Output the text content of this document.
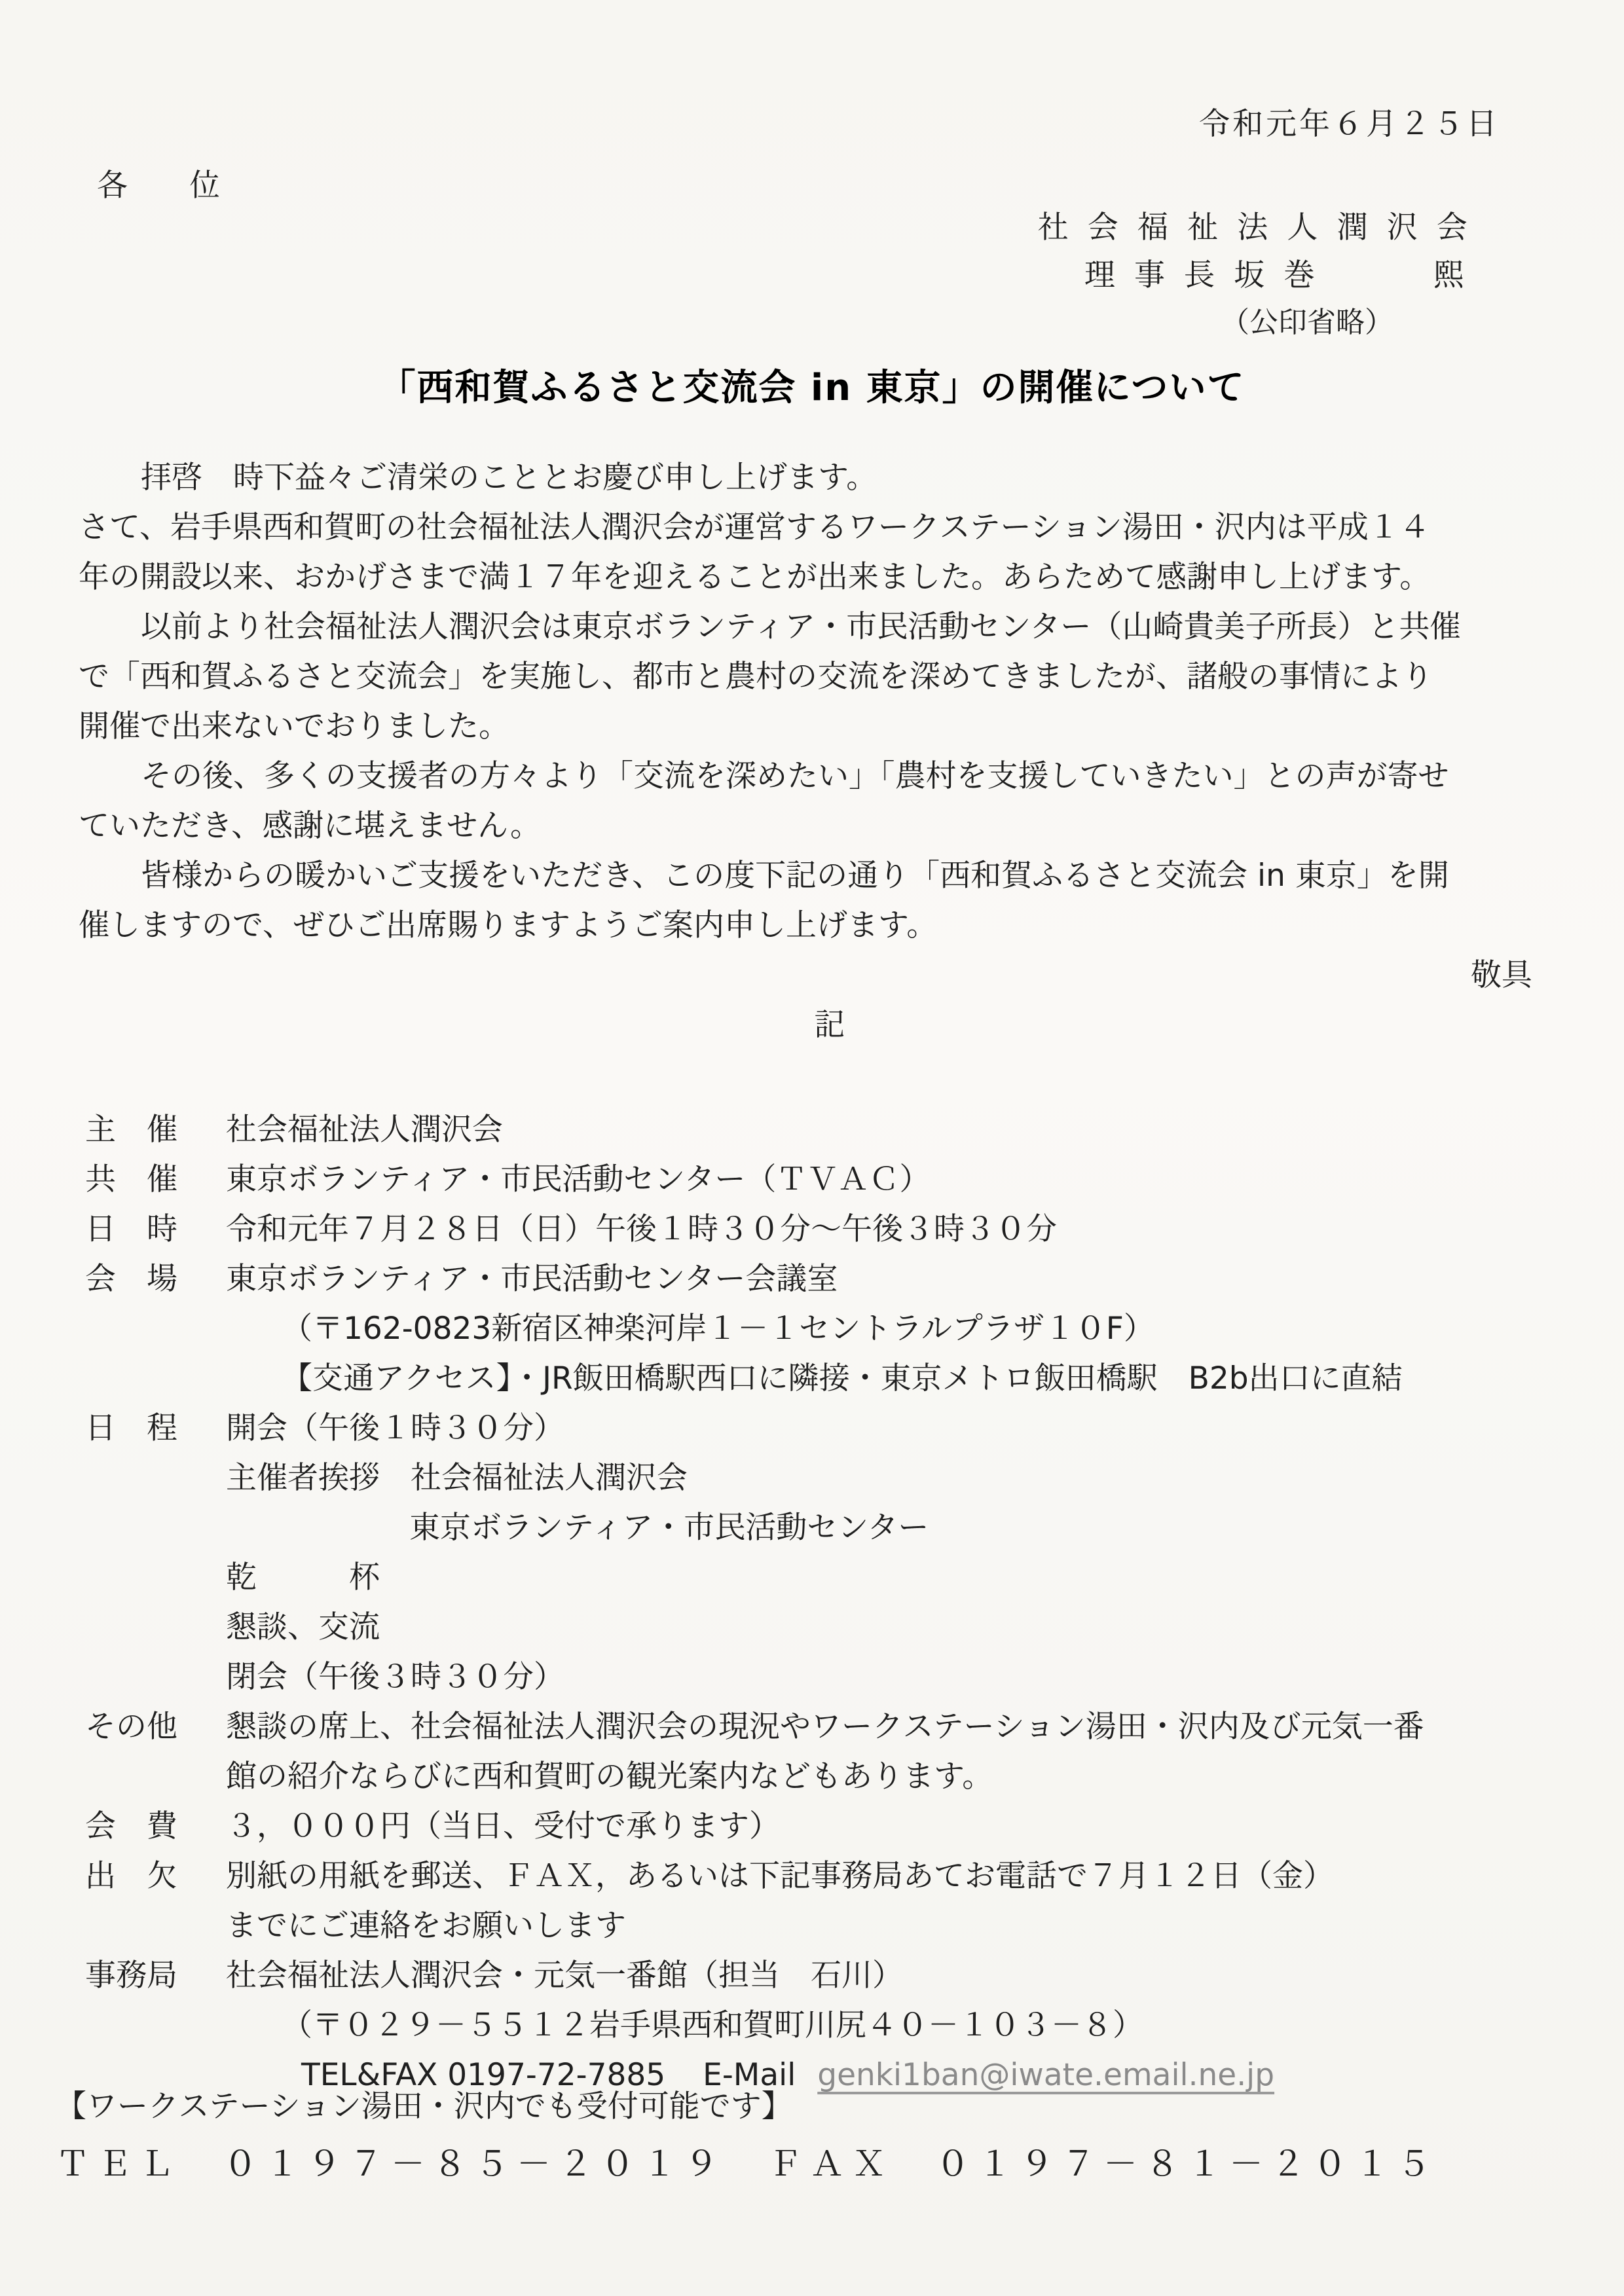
令和元年６月２５日
各　　位
社会福祉法人潤沢会
理事長坂巻　　熙
（公印省略）
「西和賀ふるさと交流会 in 東京」の開催について
拝啓　時下益々ご清栄のこととお慶び申し上げます。
さて、岩手県西和賀町の社会福祉法人潤沢会が運営するワークステーション湯田・沢内は平成１４
年の開設以来、おかげさまで満１７年を迎えることが出来ました。あらためて感謝申し上げます。
以前より社会福祉法人潤沢会は東京ボランティア・市民活動センター（山崎貴美子所長）と共催
で「西和賀ふるさと交流会」を実施し、都市と農村の交流を深めてきましたが、諸般の事情により
開催で出来ないでおりました。
その後、多くの支援者の方々より「交流を深めたい」「農村を支援していきたい」との声が寄せ
ていただき、感謝に堪えません。
皆様からの暖かいご支援をいただき、この度下記の通り「西和賀ふるさと交流会 in 東京」を開
催しますので、ぜひご出席賜りますようご案内申し上げます。
敬具
記
主　催	社会福祉法人潤沢会
共　催	東京ボランティア・市民活動センター（ＴＶＡＣ）
日　時	令和元年７月２８日（日）午後１時３０分～午後３時３０分
会　場	東京ボランティア・市民活動センター会議室
（〒162-0823新宿区神楽河岸１－１セントラルプラザ１０F）
【交通アクセス】・JR飯田橋駅西口に隣接・東京メトロ飯田橋駅　B2b出口に直結
日　程	開会（午後１時３０分）
主催者挨拶　社会福祉法人潤沢会
東京ボランティア・市民活動センター
乾　　　杯
懇談、交流
閉会（午後３時３０分）
その他	懇談の席上、社会福祉法人潤沢会の現況やワークステーション湯田・沢内及び元気一番
館の紹介ならびに西和賀町の観光案内などもあります。
会　費	３，０００円（当日、受付で承ります）
出　欠	別紙の用紙を郵送、ＦＡＸ，あるいは下記事務局あてお電話で７月１２日（金）
までにご連絡をお願いします
事務局	社会福祉法人潤沢会・元気一番館（担当　石川）
（〒０２９－５５１２岩手県西和賀町川尻４０－１０３－８）
TEL&FAX 0197-72-7885 E-Mail genki1ban@iwate.email.ne.jp
【ワークステーション湯田・沢内でも受付可能です】
ＴＥＬ　０１９７－８５－２０１９　ＦＡＸ　０１９７－８１－２０１５
